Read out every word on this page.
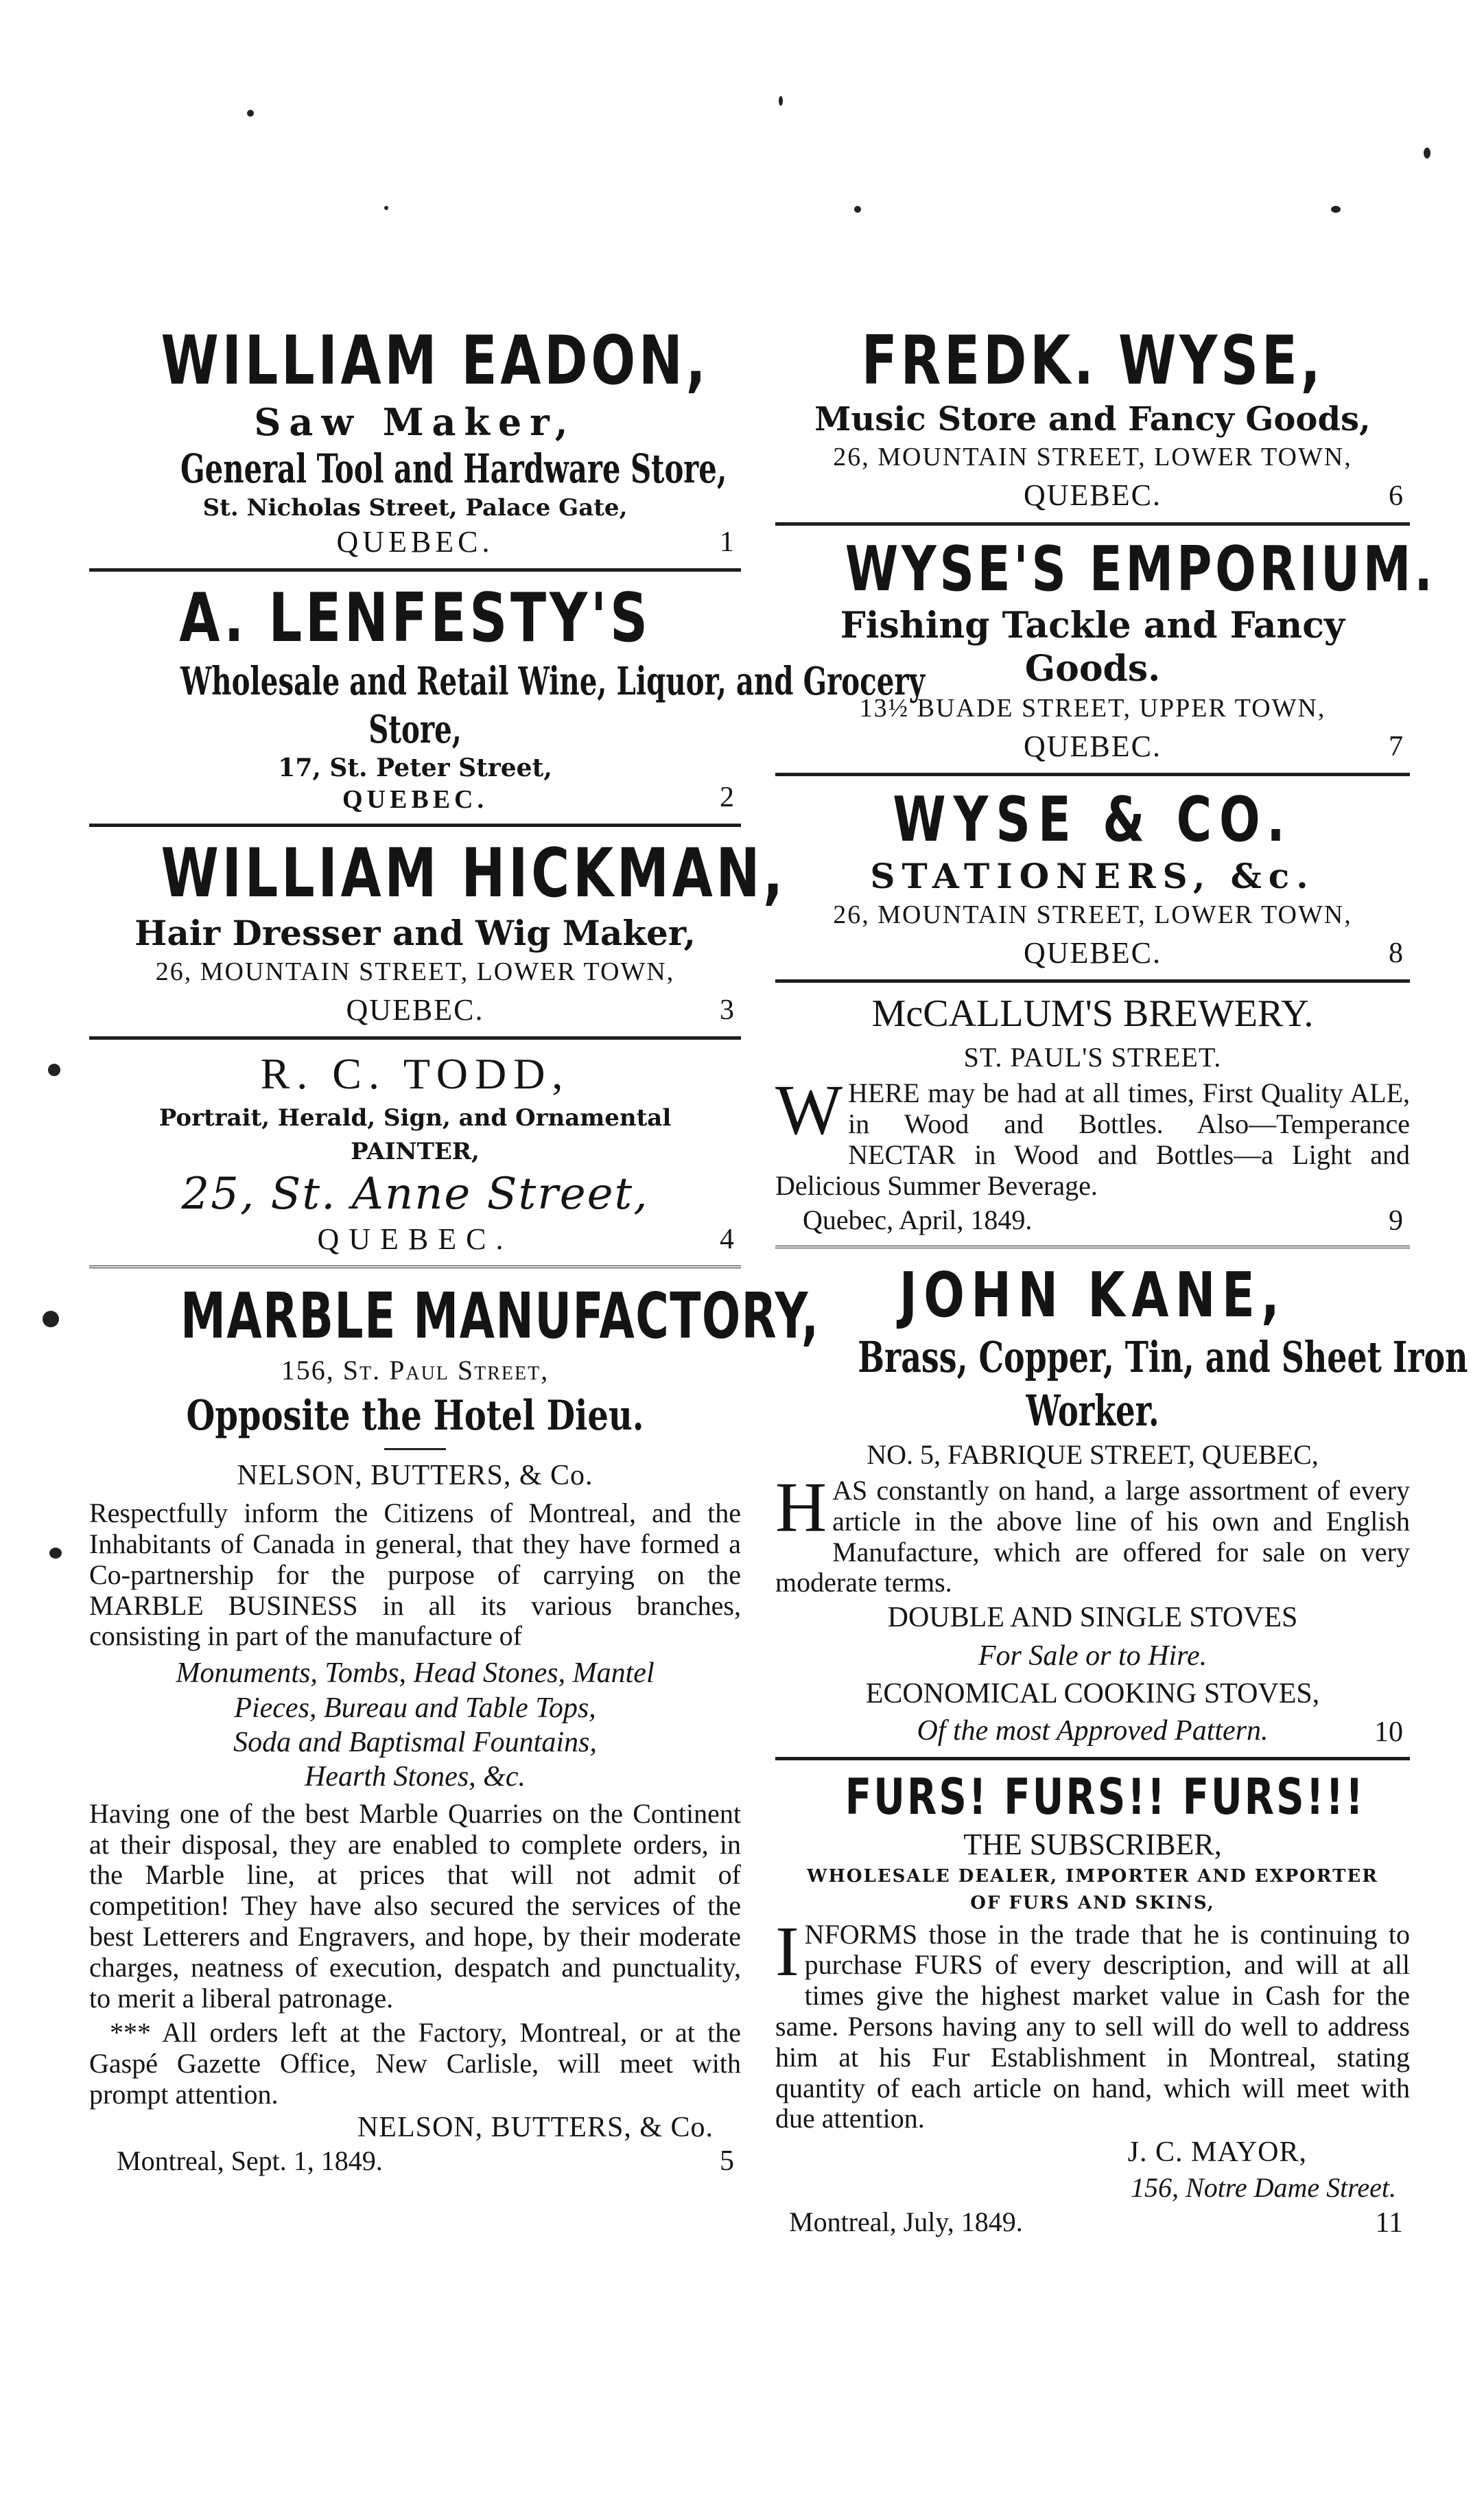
WILLIAM EADON,
Saw Maker,
General Tool and Hardware Store,
St. Nicholas Street, Palace Gate,
QUEBEC.	1
A. LENFESTY'S
Wholesale and Retail Wine, Liquor, and Grocery
Store,
17, St. Peter Street,
QUEBEC.	2
WILLIAM HICKMAN,
Hair Dresser and Wig Maker,
26, MOUNTAIN STREET, LOWER TOWN,
QUEBEC.	3
R. C. TODD,
Portrait, Herald, Sign, and Ornamental
PAINTER,
25, St. Anne Street,
QUEBEC.	4
MARBLE MANUFACTORY,
156, St. Paul Street,
Opposite the Hotel Dieu.
NELSON, BUTTERS, & Co.
Respectfully inform the Citizens of Montreal, and the Inhabitants of Canada in general, that they have formed a Co-partnership for the purpose of carrying on the MARBLE BUSINESS in all its various branches, consisting in part of the manufacture of
Monuments, Tombs, Head Stones, Mantel
Pieces, Bureau and Table Tops,
Soda and Baptismal Fountains,
Hearth Stones, &c.
Having one of the best Marble Quarries on the Continent at their disposal, they are enabled to complete orders, in the Marble line, at prices that will not admit of competition! They have also secured the services of the best Letterers and Engravers, and hope, by their moderate charges, neatness of execution, despatch and punctuality, to merit a liberal patronage.
*** All orders left at the Factory, Montreal, or at the Gaspé Gazette Office, New Carlisle, will meet with prompt attention.
NELSON, BUTTERS, & Co.
Montreal, Sept. 1, 1849.	5
FREDK. WYSE,
Music Store and Fancy Goods,
26, MOUNTAIN STREET, LOWER TOWN,
QUEBEC.	6
WYSE'S EMPORIUM.
Fishing Tackle and Fancy
Goods.
13½ BUADE STREET, UPPER TOWN,
QUEBEC.	7
WYSE & CO.
STATIONERS, &c.
26, MOUNTAIN STREET, LOWER TOWN,
QUEBEC.	8
McCALLUM'S BREWERY.
ST. PAUL'S STREET.
W HERE may be had at all times, First Quality ALE, in Wood and Bottles. Also—Temperance NECTAR in Wood and Bottles—a Light and Delicious Summer Beverage.
Quebec, April, 1849.	9
JOHN KANE,
Brass, Copper, Tin, and Sheet Iron
Worker.
NO. 5, FABRIQUE STREET, QUEBEC,
H AS constantly on hand, a large assortment of every article in the above line of his own and English Manufacture, which are offered for sale on very moderate terms.
DOUBLE AND SINGLE STOVES
For Sale or to Hire.
ECONOMICAL COOKING STOVES,
Of the most Approved Pattern.	10
FURS! FURS!! FURS!!!
THE SUBSCRIBER,
WHOLESALE DEALER, IMPORTER AND EXPORTER OF FURS AND SKINS,
I NFORMS those in the trade that he is continuing to purchase FURS of every description, and will at all times give the highest market value in Cash for the same. Persons having any to sell will do well to address him at his Fur Establishment in Montreal, stating quantity of each article on hand, which will meet with due attention.
J. C. MAYOR,
156, Notre Dame Street.
Montreal, July, 1849.	11
